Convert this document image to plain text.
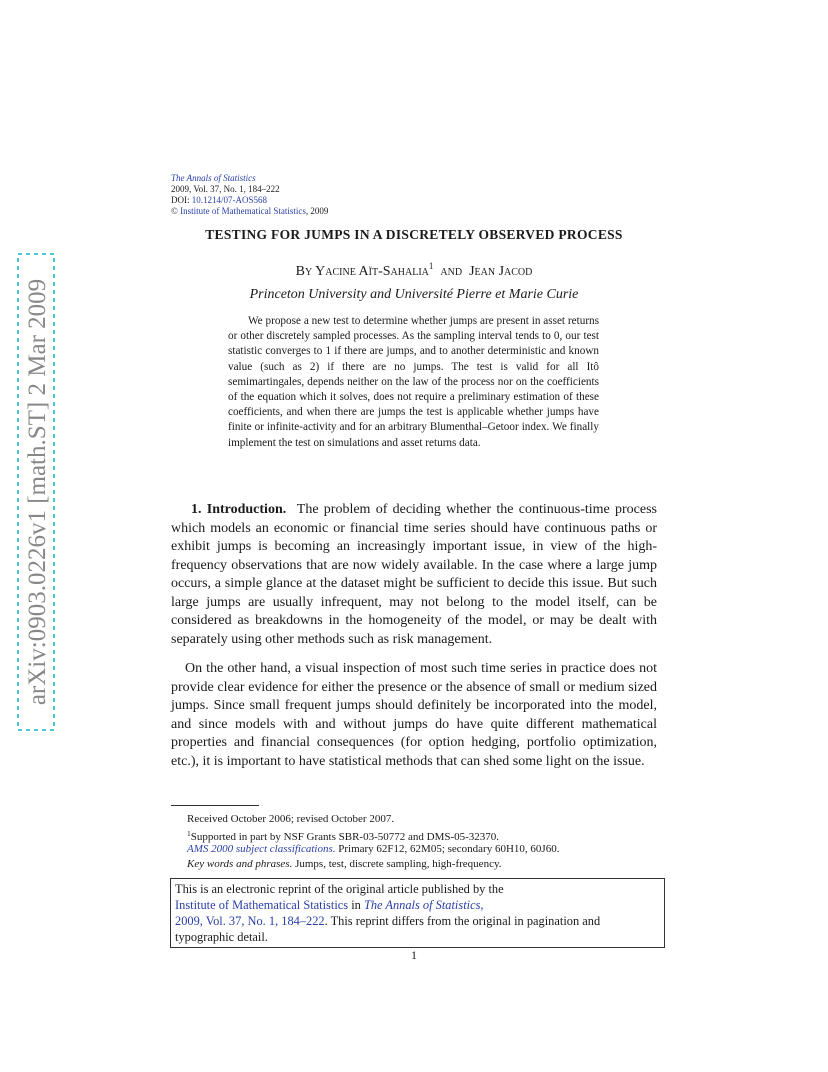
arXiv:0903.0226v1 [math.ST] 2 Mar 2009
The Annals of Statistics
2009, Vol. 37, No. 1, 184–222
DOI: 10.1214/07-AOS568
© Institute of Mathematical Statistics, 2009
TESTING FOR JUMPS IN A DISCRETELY OBSERVED PROCESS
By Yacine Aït-Sahalia$^1$  and  Jean Jacod
Princeton University and Université Pierre et Marie Curie
We propose a new test to determine whether jumps are present in asset returns or other discretely sampled processes. As the sampling interval tends to 0, our test statistic converges to 1 if there are jumps, and to another deterministic and known value (such as 2) if there are no jumps. The test is valid for all Itô semimartingales, depends neither on the law of the process nor on the coefficients of the equation which it solves, does not require a preliminary estimation of these coefficients, and when there are jumps the test is applicable whether jumps have finite or infinite-activity and for an arbitrary Blumenthal–Getoor index. We finally implement the test on simulations and asset returns data.
1. Introduction. The problem of deciding whether the continuous-time process which models an economic or financial time series should have continuous paths or exhibit jumps is becoming an increasingly important issue, in view of the high-frequency observations that are now widely available. In the case where a large jump occurs, a simple glance at the dataset might be sufficient to decide this issue. But such large jumps are usually infrequent, may not belong to the model itself, can be considered as breakdowns in the homogeneity of the model, or may be dealt with separately using other methods such as risk management.
On the other hand, a visual inspection of most such time series in practice does not provide clear evidence for either the presence or the absence of small or medium sized jumps. Since small frequent jumps should definitely be incorporated into the model, and since models with and without jumps do have quite different mathematical properties and financial consequences (for option hedging, portfolio optimization, etc.), it is important to have statistical methods that can shed some light on the issue.
Received October 2006; revised October 2007.
$^1$Supported in part by NSF Grants SBR-03-50772 and DMS-05-32370.
AMS 2000 subject classifications. Primary 62F12, 62M05; secondary 60H10, 60J60.
Key words and phrases. Jumps, test, discrete sampling, high-frequency.
This is an electronic reprint of the original article published by the
Institute of Mathematical Statistics in The Annals of Statistics,
2009, Vol. 37, No. 1, 184–222. This reprint differs from the original in pagination and typographic detail.
1
